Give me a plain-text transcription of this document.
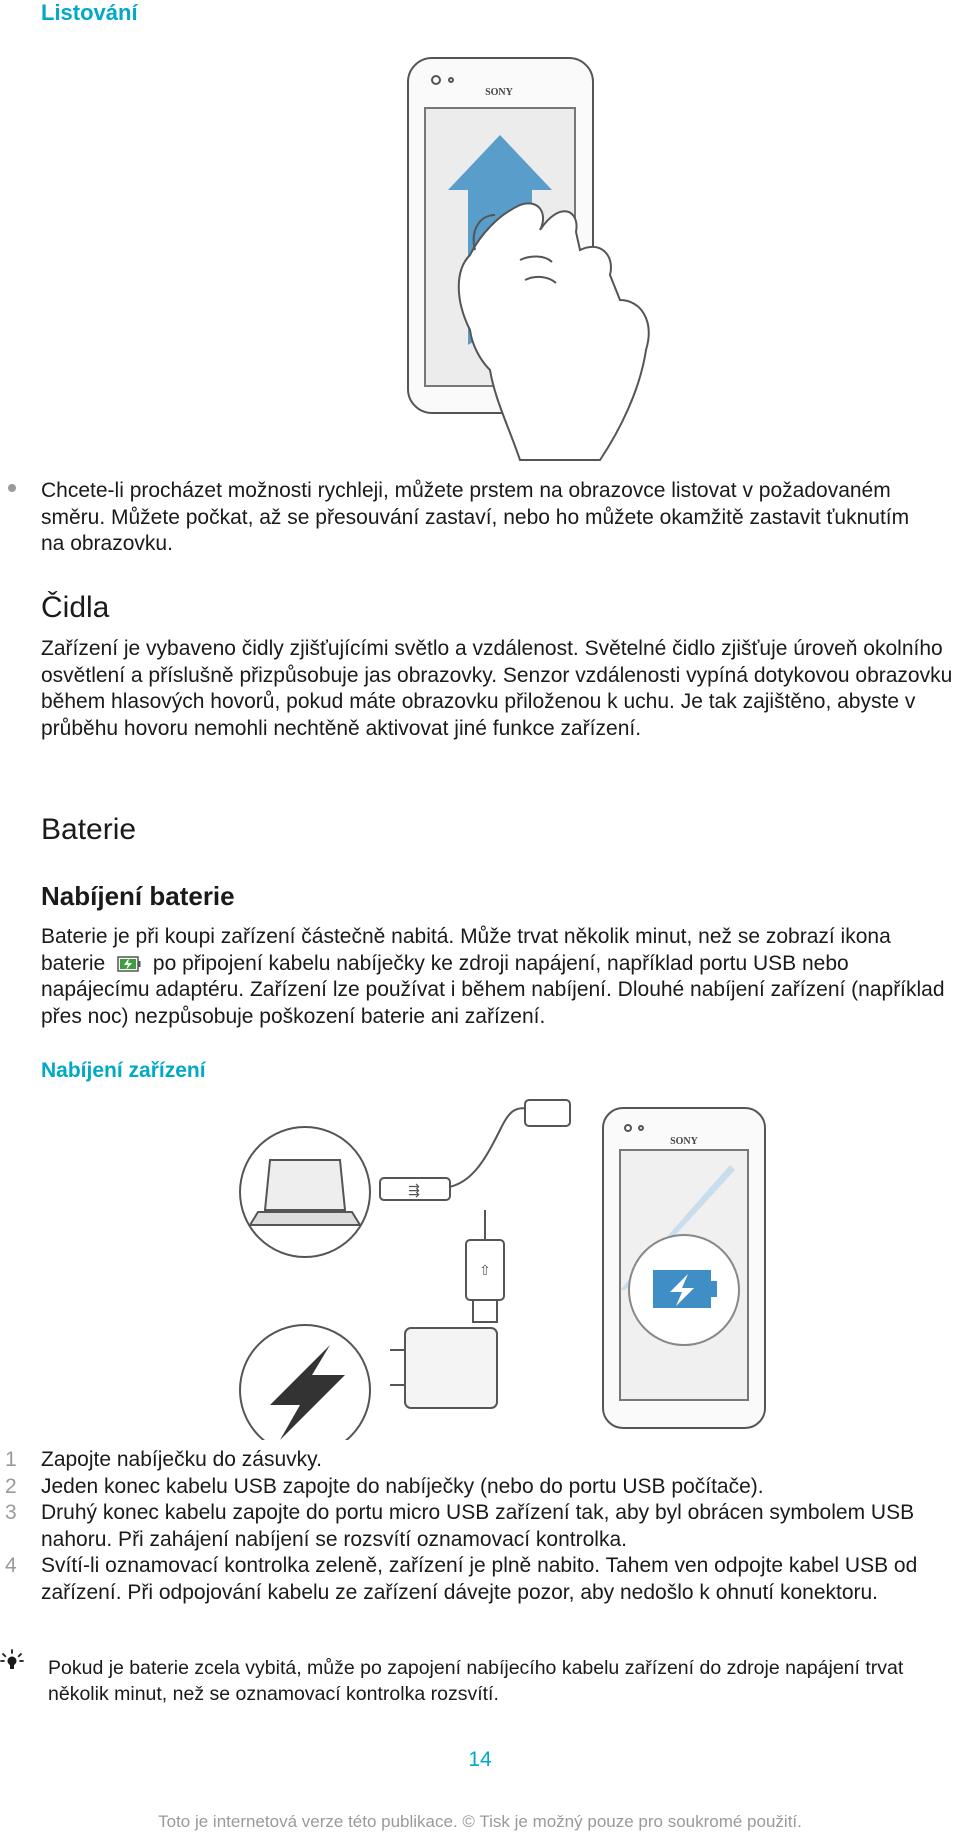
Listování
SONY
Chcete-li procházet možnosti rychleji, můžete prstem na obrazovce listovat v požadovaném směru. Můžete počkat, až se přesouvání zastaví, nebo ho můžete okamžitě zastavit ťuknutím na obrazovku.
Čidla
Zařízení je vybaveno čidly zjišťujícími světlo a vzdálenost. Světelné čidlo zjišťuje úroveň okolního osvětlení a příslušně přizpůsobuje jas obrazovky. Senzor vzdálenosti vypíná dotykovou obrazovku během hlasových hovorů, pokud máte obrazovku přiloženou k uchu. Je tak zajištěno, abyste v průběhu hovoru nemohli nechtěně aktivovat jiné funkce zařízení.
Baterie
Nabíjení baterie
Baterie je při koupi zařízení částečně nabitá. Může trvat několik minut, než se zobrazí ikona baterie po připojení kabelu nabíječky ke zdroji napájení, například portu USB nebo napájecímu adaptéru. Zařízení lze používat i během nabíjení. Dlouhé nabíjení zařízení (například přes noc) nezpůsobuje poškození baterie ani zařízení.
Nabíjení zařízení
⇶
⇧
SONY
1 Zapojte nabíječku do zásuvky.
2 Jeden konec kabelu USB zapojte do nabíječky (nebo do portu USB počítače).
3 Druhý konec kabelu zapojte do portu micro USB zařízení tak, aby byl obrácen symbolem USB nahoru. Při zahájení nabíjení se rozsvítí oznamovací kontrolka.
4 Svítí-li oznamovací kontrolka zeleně, zařízení je plně nabito. Tahem ven odpojte kabel USB od zařízení. Při odpojování kabelu ze zařízení dávejte pozor, aby nedošlo k ohnutí konektoru.
Pokud je baterie zcela vybitá, může po zapojení nabíjecího kabelu zařízení do zdroje napájení trvat několik minut, než se oznamovací kontrolka rozsvítí.
14
Toto je internetová verze této publikace. © Tisk je možný pouze pro soukromé použití.
